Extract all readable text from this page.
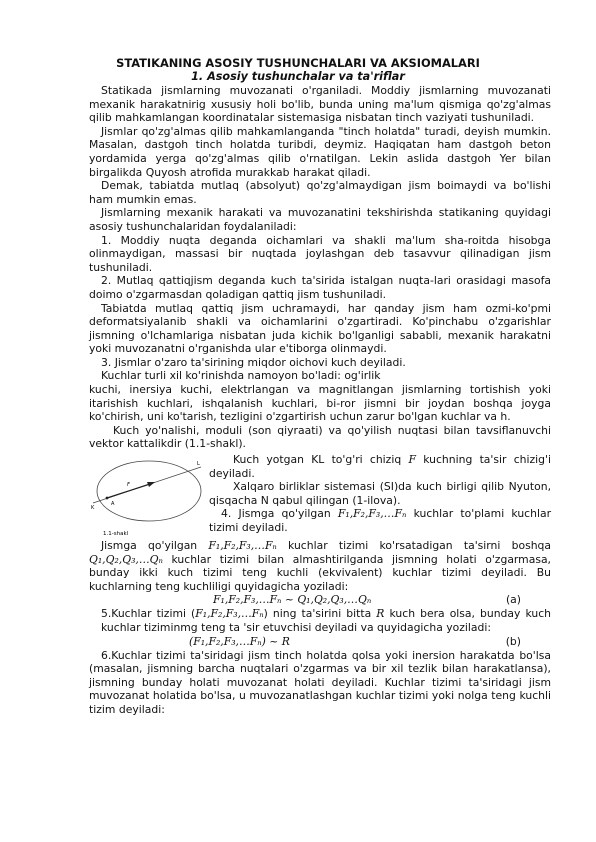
STATIKANING ASOSIY TUSHUNCHALARI VA AKSIOMALARI
1. Asosiy tushunchalar va ta'riflar

Statikada jismlarning muvozanati o'rganiladi. Moddiy jismlarning muvozanati mexanik harakatnirig xususiy holi bo'lib, bunda uning ma'lum qismiga qo'zg'almas qilib mahkamlangan koordinatalar sistemasiga nisbatan tinch vaziyati tushuniladi.

Jismlar qo'zg'almas qilib mahkamlanganda "tinch holatda" turadi, deyish mumkin. Masalan, dastgoh tinch holatda turibdi, deymiz. Haqiqatan ham dastgoh beton yordamida yerga qo'zg'almas qilib o'rnatilgan. Lekin aslida dastgoh Yer bilan birgalikda Quyosh atrofida murakkab harakat qiladi.

Demak, tabiatda mutlaq (absolyut) qo'zg'almaydigan jism boimaydi va bo'lishi ham mumkin emas.

Jismlarning mexanik harakati va muvozanatini tekshirishda statikaning quyidagi asosiy tushunchalaridan foydalaniladi:

1. Moddiy nuqta deganda oichamlari va shakli ma'lum sha-roitda hisobga olinmaydigan, massasi bir nuqtada joylashgan deb tasavvur qilinadigan jism tushuniladi.

2. Mutlaq qattiqjism deganda kuch ta'sirida istalgan nuqta-lari orasidagi masofa doimo o'zgarmasdan qoladigan qattiq jism tushuniladi.

Tabiatda mutlaq qattiq jism uchramaydi, har qanday jism ham ozmi-ko'pmi deformatsiyalanib shakli va oichamlarini o'zgartiradi. Ko'pinchabu o'zgarishlar jismning o'lchamlariga nisbatan juda kichik bo'lganligi sababli, mexanik harakatni yoki muvozanatni o'rganishda ular e'tiborga olinmaydi.

3. Jismlar o'zaro ta'sirining miqdor oichovi kuch deyiladi.

Kuchlar turli xil ko'rinishda namoyon bo'ladi: og'irlik

kuchi, inersiya kuchi, elektrlangan va magnitlangan jismlarning tortishish yoki itarishish kuchlari, ishqalanish kuchlari, bi-ror jismni bir joydan boshqa joyga ko'chirish, uni ko'tarish, tezligini o'zgartirish uchun zarur bo'lgan kuchlar va h.

Kuch yo'nalishi, moduli (son qiyraati) va qo'yilish nuqtasi bilan tavsiflanuvchi vektor kattalikdir (1.1-shakl).

K
L
F
A
1.1-shakl

Kuch yotgan KL to'g'ri chiziq F kuchning ta'sir chizig'i deyiladi.

Xalqaro birliklar sistemasi (SI)da kuch birligi qilib Nyuton, qisqacha N qabul qilingan (1-ilova).

4. Jismga qo'yilgan F₁,F₂,F₃,…Fₙ kuchlar to'plami kuchlar tizimi deyiladi.

Jismga qo'yilgan F₁,F₂,F₃,…Fₙ kuchlar tizimi ko'rsatadigan ta'sirni boshqa Q₁,Q₂,Q₃,…Qₙ kuchlar tizimi bilan almashtirilganda jismning holati o'zgarmasa, bunday ikki kuch tizimi teng kuchli (ekvivalent) kuchlar tizimi deyiladi. Bu kuchlarning teng kuchliligi quyidagicha yoziladi:

F₁,F₂,F₃,…Fₙ ~ Q₁,Q₂,Q₃,…Qₙ	(a)

5.Kuchlar tizimi (F₁,F₂,F₃,…Fₙ) ning ta'sirini bitta R kuch bera olsa, bunday kuch kuchlar tiziminmg teng ta 'sir etuvchisi deyiladi va quyidagicha yoziladi:

(F₁,F₂,F₃,…Fₙ) ~ R	(b)

6.Kuchlar tizimi ta'siridagi jism tinch holatda qolsa yoki inersion harakatda bo'lsa (masalan, jismning barcha nuqtalari o'zgarmas va bir xil tezlik bilan harakatlansa), jismning bunday holati muvozanat holati deyiladi. Kuchlar tizimi ta'siridagi jism muvozanat holatida bo'lsa, u muvozanatlashgan kuchlar tizimi yoki nolga teng kuchli tizim deyiladi:
